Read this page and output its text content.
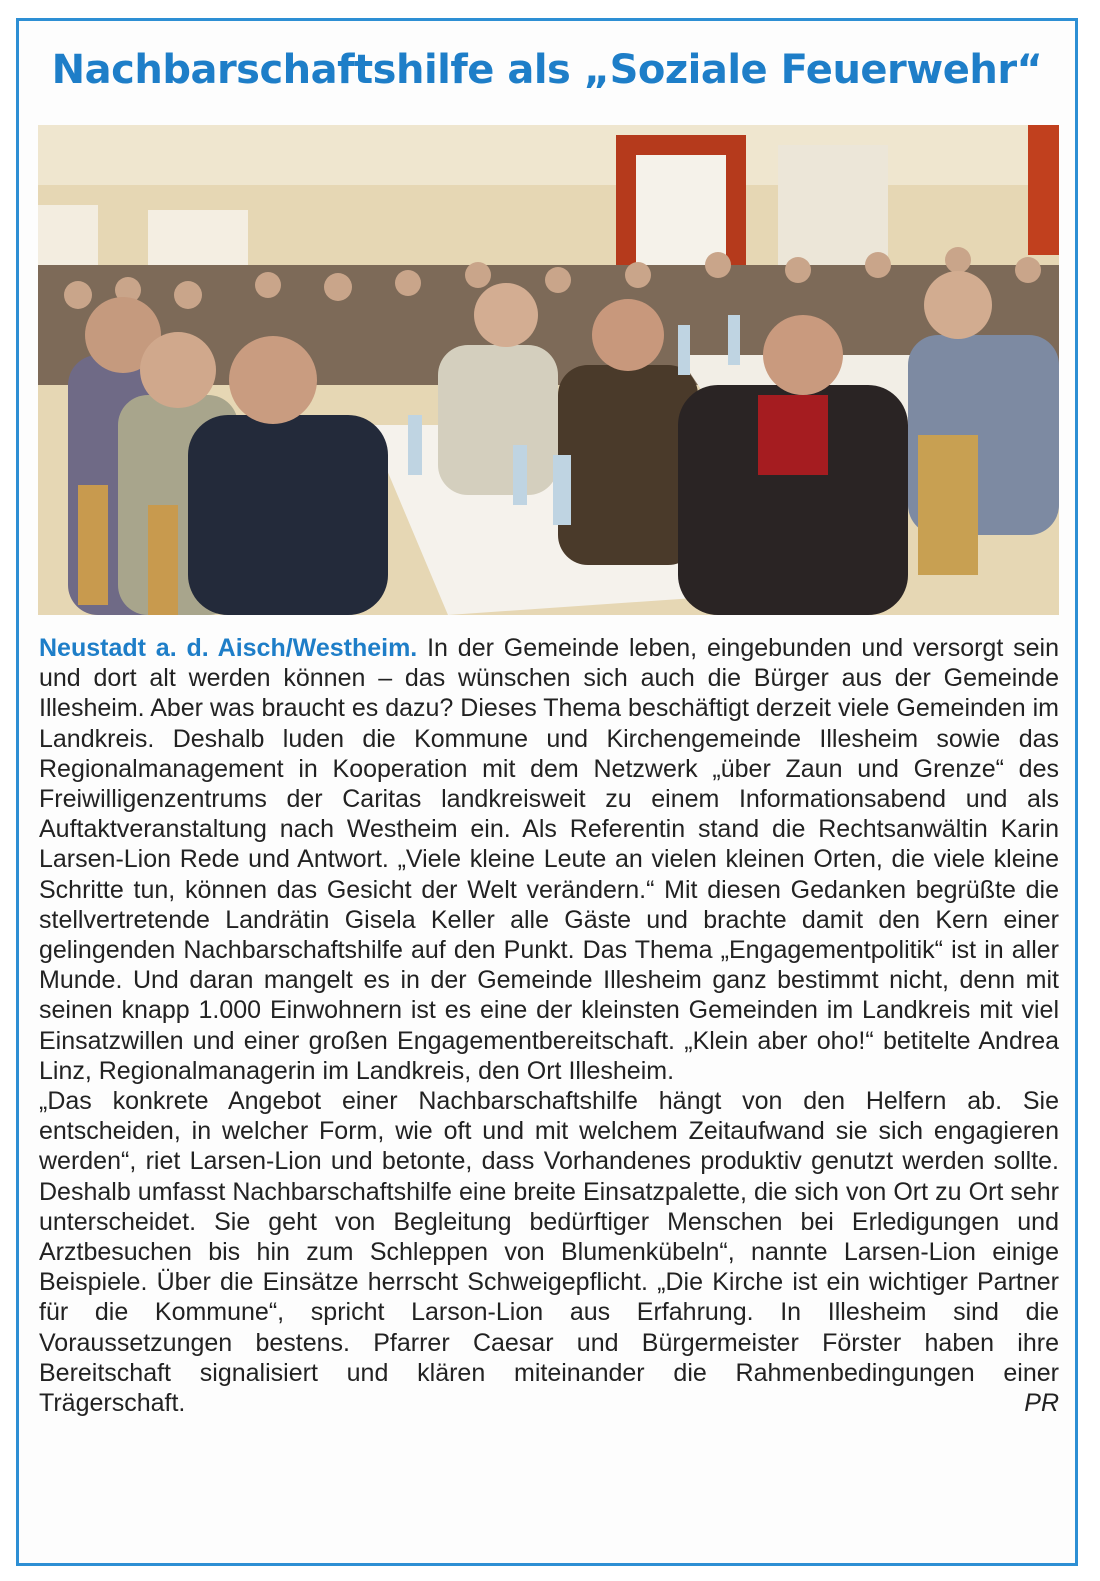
Nachbarschaftshilfe als „Soziale Feuerwehr“

Neustadt a. d. Aisch/Westheim. In der Gemeinde leben, eingebunden und versorgt sein und dort alt werden können – das wünschen sich auch die Bürger aus der Gemeinde Illesheim. Aber was braucht es dazu? Dieses Thema beschäftigt derzeit viele Gemeinden im Landkreis. Deshalb luden die Kommune und Kirchengemeinde Illesheim sowie das Regionalmanagement in Kooperation mit dem Netzwerk „über Zaun und Grenze“ des Freiwilligenzentrums der Caritas landkreisweit zu einem Informationsabend und als Auftaktveranstaltung nach Westheim ein. Als Referentin stand die Rechtsanwältin Karin Larsen-Lion Rede und Antwort. „Viele kleine Leute an vielen kleinen Orten, die viele kleine Schritte tun, können das Gesicht der Welt verändern.“ Mit diesen Gedanken begrüßte die stellvertretende Landrätin Gisela Keller alle Gäste und brachte damit den Kern einer gelingenden Nachbarschaftshilfe auf den Punkt. Das Thema „Engagementpolitik“ ist in aller Munde. Und daran mangelt es in der Gemeinde Illesheim ganz bestimmt nicht, denn mit seinen knapp 1.000 Einwohnern ist es eine der kleinsten Gemeinden im Landkreis mit viel Einsatzwillen und einer großen Engagementbereitschaft. „Klein aber oho!“ betitelte Andrea Linz, Regionalmanagerin im Landkreis, den Ort Illesheim.

„Das konkrete Angebot einer Nachbarschaftshilfe hängt von den Helfern ab. Sie entscheiden, in welcher Form, wie oft und mit welchem Zeitaufwand sie sich engagieren werden“, riet Larsen-Lion und betonte, dass Vorhandenes produktiv genutzt werden sollte. Deshalb umfasst Nachbarschaftshilfe eine breite Einsatzpalette, die sich von Ort zu Ort sehr unterscheidet. Sie geht von Begleitung bedürftiger Menschen bei Erledigungen und Arztbesuchen bis hin zum Schleppen von Blumenkübeln“, nannte Larsen-Lion einige Beispiele. Über die Einsätze herrscht Schweigepflicht. „Die Kirche ist ein wichtiger Partner für die Kommune“, spricht Larson-Lion aus Erfahrung. In Illesheim sind die Voraussetzungen bestens. Pfarrer Caesar und Bürgermeister Förster haben ihre Bereitschaft signalisiert und klären miteinander die Rahmenbedingungen einer Trägerschaft.	PR
